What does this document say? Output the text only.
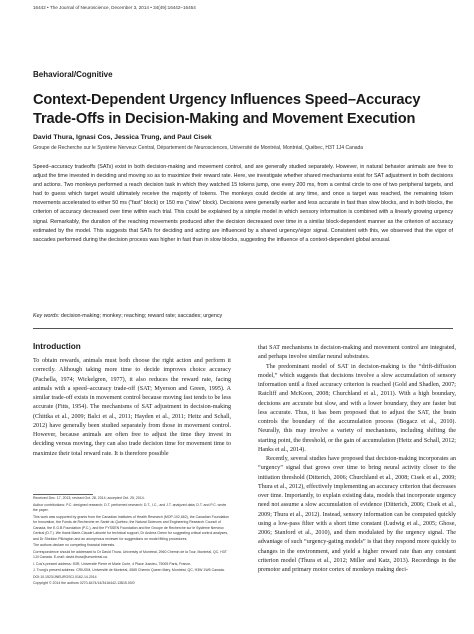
16442 • The Journal of Neuroscience, December 3, 2014 • 34(49):16442–16454
Behavioral/Cognitive
Context-Dependent Urgency Influences Speed–Accuracy Trade-Offs in Decision-Making and Movement Execution
David Thura, Ignasi Cos, Jessica Trung, and Paul Cisek
Groupe de Recherche sur le Système Nerveux Central, Département de Neurosciences, Université de Montréal, Montréal, Québec, H3T 1J4 Canada

Speed–accuracy tradeoffs (SATs) exist in both decision-making and movement control, and are generally studied separately. However, in natural behavior animals are free to adjust the time invested in deciding and moving so as to maximize their reward rate. Here, we investigate whether shared mechanisms exist for SAT adjustment in both decisions and actions. Two monkeys performed a reach decision task in which they watched 15 tokens jump, one every 200 ms, from a central circle to one of two peripheral targets, and had to guess which target would ultimately receive the majority of tokens. The monkeys could decide at any time, and once a target was reached, the remaining token movements accelerated to either 50 ms (“fast” block) or 150 ms (“slow” block). Decisions were generally earlier and less accurate in fast than slow blocks, and in both blocks, the criterion of accuracy decreased over time within each trial. This could be explained by a simple model in which sensory information is combined with a linearly growing urgency signal. Remarkably, the duration of the reaching movements produced after the decision decreased over time in a similar block-dependent manner as the criterion of accuracy estimated by the model. This suggests that SATs for deciding and acting are influenced by a shared urgency/vigor signal. Consistent with this, we observed that the vigor of saccades performed during the decision process was higher in fast than in slow blocks, suggesting the influence of a context-dependent global arousal.

Key words: decision-making; monkey; reaching; reward rate; saccades; urgency
Introduction

To obtain rewards, animals must both choose the right action and perform it correctly. Although taking more time to decide improves choice accuracy (Pachella, 1974; Wickelgren, 1977), it also reduces the reward rate, facing animals with a speed–accuracy trade-off (SAT; Myerson and Green, 1995). A similar trade-off exists in movement control because moving fast tends to be less accurate (Fitts, 1954). The mechanisms of SAT adjustment in decision-making (Chittka et al., 2009; Balci et al., 2011; Hayden et al., 2011; Heitz and Schall, 2012) have generally been studied separately from those in movement control. However, because animals are often free to adjust the time they invest in deciding versus moving, they can also trade decision time for movement time to maximize their total reward rate. It is therefore possible

Received Dec. 17, 2013; revised Oct. 28, 2014; accepted Oct. 25, 2014.
Author contributions: P.C. designed research; D.T. performed research; D.T., I.C., and J.T. analyzed data; D.T. and P.C. wrote the paper.
This work was supported by grants from the Canadian Institutes of Health Research (MOP-102,662), the Canadian Foundation for Innovation, the Fonds de Recherche en Santé du Québec, the Natural Sciences and Engineering Research Council of Canada, the E.G.B Foundation (P.C.), and the FYSSEN Foundation and the Groupe de Recherche sur le Système Nerveux Central (D.T.). We thank Marie-Claude Labonté for technical support, Dr Andrea Green for suggesting critical control analyses, and Dr Sheldon Pilkington and an anonymous reviewer for suggestions on model fitting procedures.
The authors declare no competing financial interests.
Correspondence should be addressed to Dr David Thura, University of Montreal, 2960 Chemin de la Tour, Montréal, QC, H3T 1J4 Canada. E-mail: david.thura@umontreal.ca.
I. Cos's present address: ISIR, Université Pierre et Marie Curie, 4 Place Jussieu, 75005 Paris, France.
J. Trung's present address: CRIUGM, Université de Montréal, 4565 Chemin Queen Mary, Montréal, QC, H3W 1W5 Canada.
DOI:10.1523/JNEUROSCI.0162-14.2014
Copyright © 2014 the authors 0270-6474/14/3416442-13$15.00/0

that SAT mechanisms in decision-making and movement control are integrated, and perhaps involve similar neural substrates.

The predominant model of SAT in decision-making is the “drift-diffusion model,” which suggests that decisions involve a slow accumulation of sensory information until a fixed accuracy criterion is reached (Gold and Shadlen, 2007; Ratcliff and McKoon, 2008; Churchland et al., 2011). With a high boundary, decisions are accurate but slow, and with a lower boundary, they are faster but less accurate. Thus, it has been proposed that to adjust the SAT, the brain controls the boundary of the accumulation process (Bogacz et al., 2010). Neurally, this may involve a variety of mechanisms, including shifting the starting point, the threshold, or the gain of accumulation (Heitz and Schall, 2012; Hanks et al., 2014).

Recently, several studies have proposed that decision-making incorporates an “urgency” signal that grows over time to bring neural activity closer to the initiation threshold (Ditterich, 2006; Churchland et al., 2008; Cisek et al., 2009; Thura et al., 2012), effectively implementing an accuracy criterion that decreases over time. Importantly, to explain existing data, models that incorporate urgency need not assume a slow accumulation of evidence (Ditterich, 2006; Cisek et al., 2009; Thura et al., 2012). Instead, sensory information can be computed quickly using a low-pass filter with a short time constant (Ludwig et al., 2005; Ghose, 2006; Stanford et al., 2010), and then modulated by the urgency signal. The advantage of such “urgency-gating models” is that they respond more quickly to changes in the environment, and yield a higher reward rate than any constant criterion model (Thura et al., 2012; Miller and Katz, 2013). Recordings in the premotor and primary motor cortex of monkeys making deci-
